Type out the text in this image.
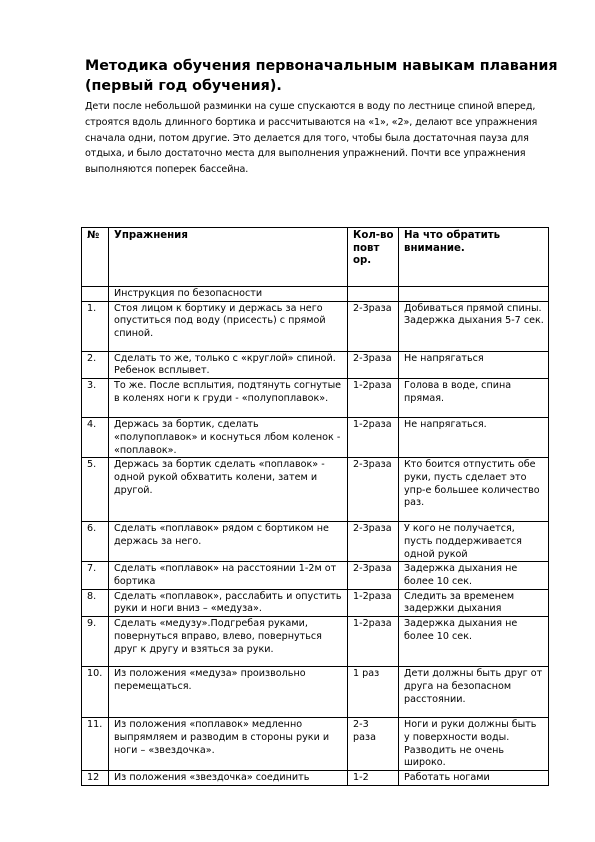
Методика обучения первоначальным навыкам плавания (первый год обучения).

Дети после небольшой разминки на суше спускаются в воду по лестнице спиной вперед, строятся вдоль длинного бортика и рассчитываются на «1», «2», делают все упражнения сначала одни, потом другие. Это делается для того, чтобы была достаточная пауза для отдыха, и было достаточно места для выполнения упражнений. Почти все упражнения выполняются поперек бассейна.

№	Упражнения	Кол-во повт ор.	На что обратить внимание.
	Инструкция по безопасности		
1.	Стоя лицом к бортику и держась за него опуститься под воду (присесть) с прямой спиной.	2-3раза	Добиваться прямой спины. Задержка дыхания 5-7 сек.
2.	Сделать то же, только с «круглой» спиной. Ребенок всплывет.	2-3раза	Не напрягаться
3.	То же. После всплытия, подтянуть согнутые в коленях ноги к груди - «полупоплавок».	1-2раза	Голова в воде, спина прямая.
4.	Держась за бортик, сделать «полупоплавок» и коснуться лбом коленок - «поплавок».	1-2раза	Не напрягаться.
5.	Держась за бортик сделать «поплавок» - одной рукой обхватить колени, затем и другой.	2-3раза	Кто боится отпустить обе руки, пусть сделает это упр-е большее количество раз.
6.	Сделать «поплавок» рядом с бортиком не держась за него.	2-3раза	У кого не получается, пусть поддерживается одной рукой
7.	Сделать «поплавок» на расстоянии 1-2м от бортика	2-3раза	Задержка дыхания не более 10 сек.
8.	Сделать «поплавок», расслабить и опустить руки и ноги вниз – «медуза».	1-2раза	Следить за временем задержки дыхания
9.	Сделать «медузу».Подгребая руками, повернуться вправо, влево, повернуться друг к другу и взяться за руки.	1-2раза	Задержка дыхания не более 10 сек.
10.	Из положения «медуза» произвольно перемещаться.	1 раз	Дети должны быть друг от друга на безопасном расстоянии.
11.	Из положения «поплавок» медленно выпрямляем и разводим в стороны руки и ноги – «звездочка».	2-3 раза	Ноги и руки должны быть у поверхности воды. Разводить не очень широко.
12	Из положения «звездочка» соединить	1-2	Работать ногами
